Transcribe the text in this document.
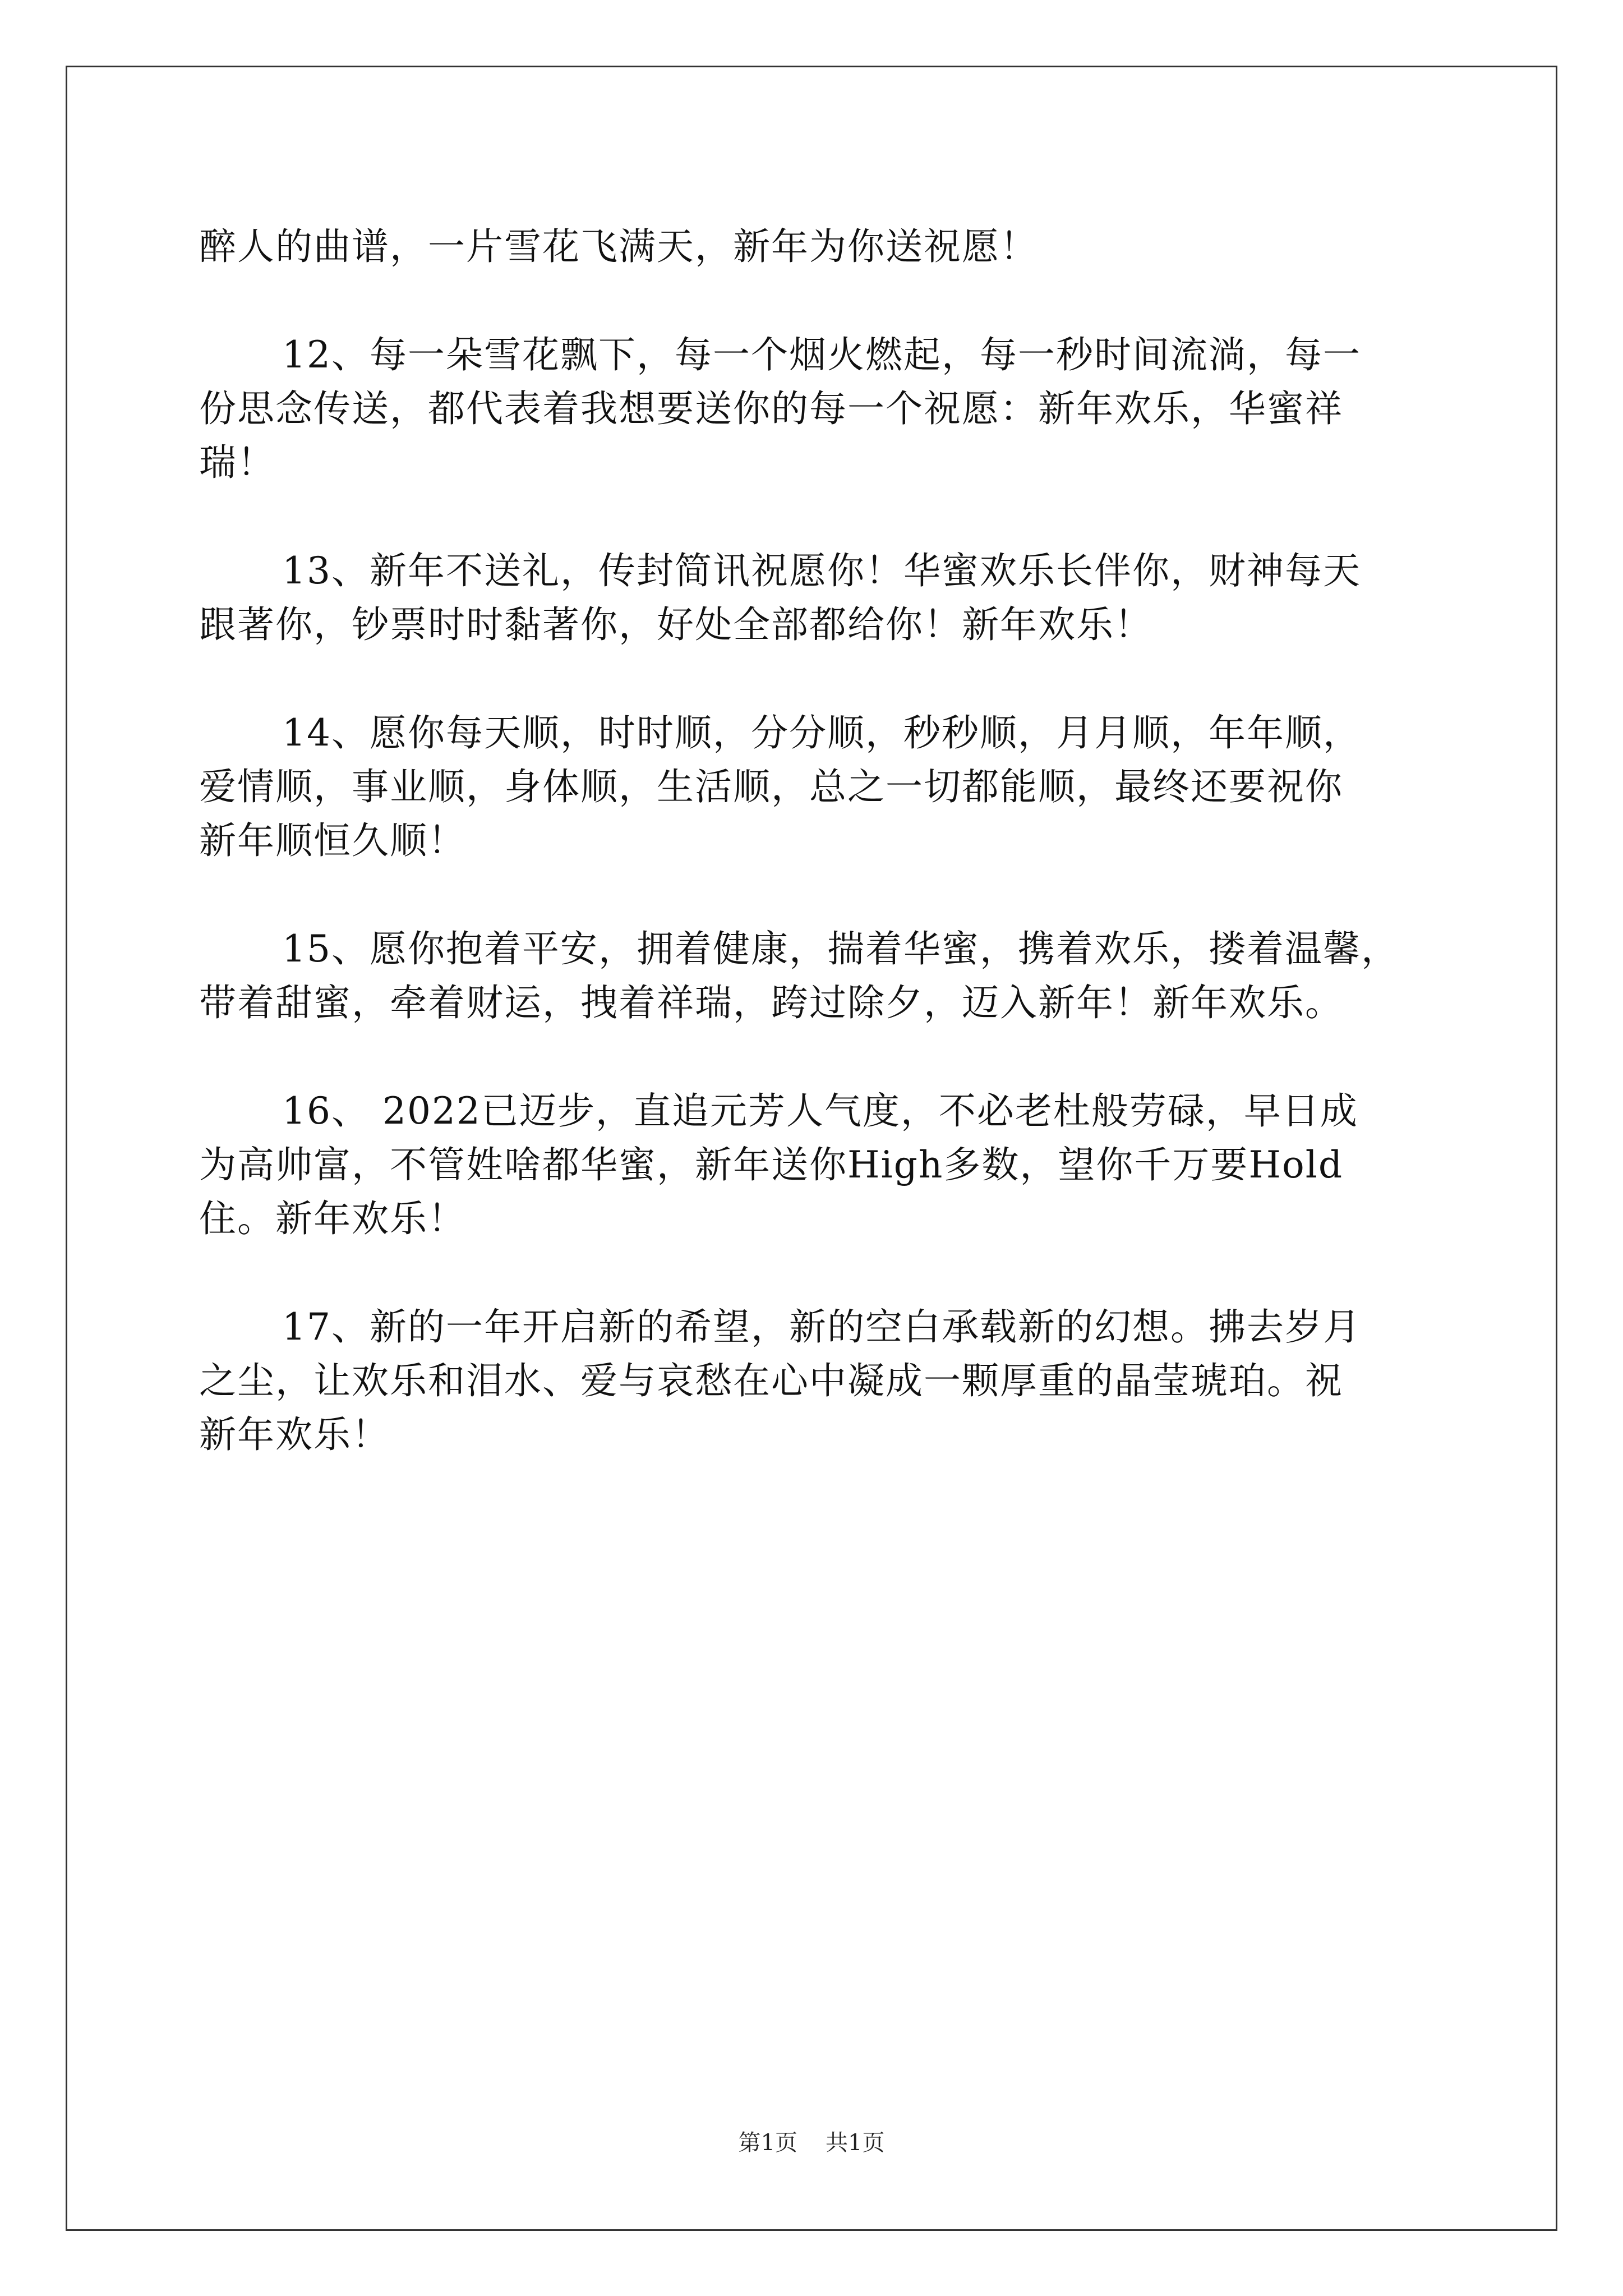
醉人的曲谱，一片雪花飞满天，新年为你送祝愿！
12、每一朵雪花飘下，每一个烟火燃起，每一秒时间流淌，每一
份思念传送，都代表着我想要送你的每一个祝愿：新年欢乐，华蜜祥
瑞！
13、新年不送礼，传封简讯祝愿你！华蜜欢乐长伴你，财神每天
跟著你，钞票时时黏著你，好处全部都给你！新年欢乐！
14、愿你每天顺，时时顺，分分顺，秒秒顺，月月顺，年年顺，
爱情顺，事业顺，身体顺，生活顺，总之一切都能顺，最终还要祝你
新年顺恒久顺！
15、愿你抱着平安，拥着健康，揣着华蜜，携着欢乐，搂着温馨，
带着甜蜜，牵着财运，拽着祥瑞，跨过除夕，迈入新年！新年欢乐。
16、 2022已迈步，直追元芳人气度，不必老杜般劳碌，早日成
为高帅富，不管姓啥都华蜜，新年送你High多数，望你千万要Hold
住。新年欢乐！
17、新的一年开启新的希望，新的空白承载新的幻想。拂去岁月
之尘，让欢乐和泪水、爱与哀愁在心中凝成一颗厚重的晶莹琥珀。祝
新年欢乐！
第1页 共1页
